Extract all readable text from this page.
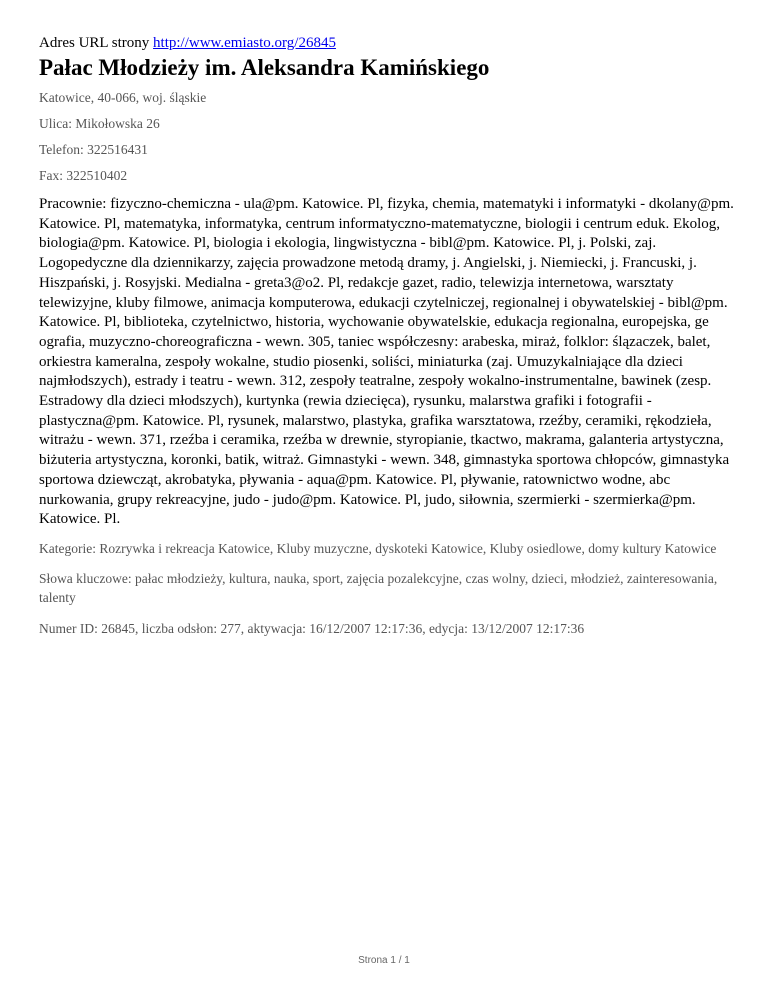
Adres URL strony http://www.emiasto.org/26845
Pałac Młodzieży im. Aleksandra Kamińskiego
Katowice, 40-066, woj. śląskie
Ulica: Mikołowska 26
Telefon: 322516431
Fax: 322510402
Pracownie: fizyczno-chemiczna - ula@pm. Katowice. Pl, fizyka, chemia, matematyki i informatyki - dkolany@pm. Katowice. Pl, matematyka, informatyka, centrum informatyczno-matematyczne, biologii i centrum eduk. Ekolog, biologia@pm. Katowice. Pl, biologia i ekologia, lingwistyczna - bibl@pm. Katowice. Pl, j. Polski, zaj. Logopedyczne dla dziennikarzy, zajęcia prowadzone metodą dramy, j. Angielski, j. Niemiecki, j. Francuski, j. Hiszpański, j. Rosyjski. Medialna - greta3@o2. Pl, redakcje gazet, radio, telewizja internetowa, warsztaty telewizyjne, kluby filmowe, animacja komputerowa, edukacji czytelniczej, regionalnej i obywatelskiej - bibl@pm. Katowice. Pl, biblioteka, czytelnictwo, historia, wychowanie obywatelskie, edukacja regionalna, europejska, ge ografia, muzyczno-choreograficzna - wewn. 305, taniec współczesny: arabeska, miraż, folklor: ślązaczek, balet, orkiestra kameralna, zespoły wokalne, studio piosenki, soliści, miniaturka (zaj. Umuzykalniające dla dzieci najmłodszych), estrady i teatru - wewn. 312, zespoły teatralne, zespoły wokalno-instrumentalne, bawinek (zesp. Estradowy dla dzieci młodszych), kurtynka (rewia dziecięca), rysunku, malarstwa grafiki i fotografii - plastyczna@pm. Katowice. Pl, rysunek, malarstwo, plastyka, grafika warsztatowa, rzeźby, ceramiki, rękodzieła, witrażu - wewn. 371, rzeźba i ceramika, rzeźba w drewnie, styropianie, tkactwo, makrama, galanteria artystyczna, biżuteria artystyczna, koronki, batik, witraż. Gimnastyki - wewn. 348, gimnastyka sportowa chłopców, gimnastyka sportowa dziewcząt, akrobatyka, pływania - aqua@pm. Katowice. Pl, pływanie, ratownictwo wodne, abc nurkowania, grupy rekreacyjne, judo - judo@pm. Katowice. Pl, judo, siłownia, szermierki - szermierka@pm. Katowice. Pl.
Kategorie: Rozrywka i rekreacja Katowice, Kluby muzyczne, dyskoteki Katowice, Kluby osiedlowe, domy kultury Katowice
Słowa kluczowe: pałac młodzieży, kultura, nauka, sport, zajęcia pozalekcyjne, czas wolny, dzieci, młodzież, zainteresowania, talenty
Numer ID: 26845, liczba odsłon: 277, aktywacja: 16/12/2007 12:17:36, edycja: 13/12/2007 12:17:36
Strona 1 / 1
